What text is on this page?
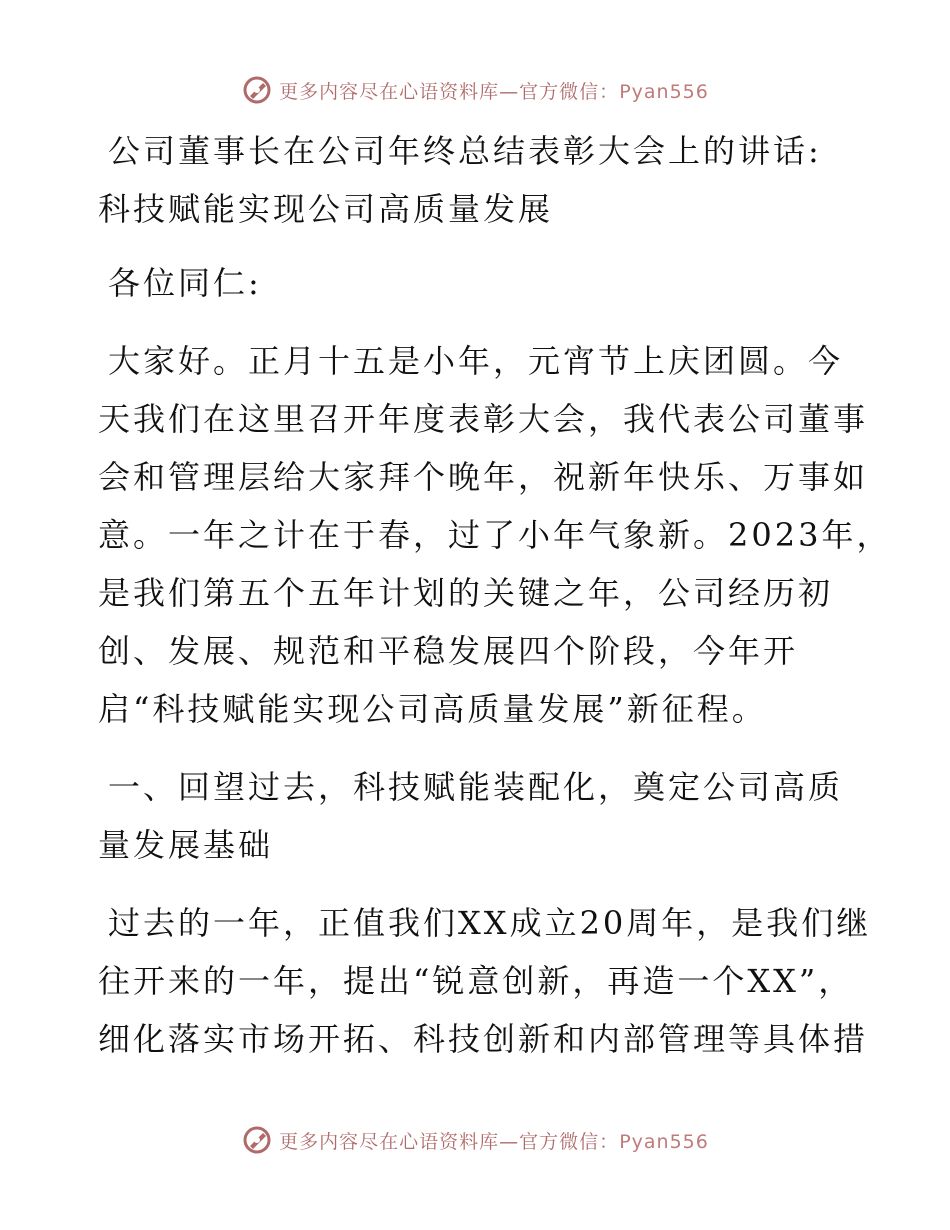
更多内容尽在心语资料库—官方微信：Pyan556
公司董事长在公司年终总结表彰大会上的讲话:
科技赋能实现公司高质量发展
各位同仁:
大家好。正月十五是小年，元宵节上庆团圆。今
天我们在这里召开年度表彰大会，我代表公司董事
会和管理层给大家拜个晚年，祝新年快乐、万事如
意。一年之计在于春，过了小年气象新。2023年，
是我们第五个五年计划的关键之年，公司经历初
创、发展、规范和平稳发展四个阶段，今年开
启“科技赋能实现公司高质量发展”新征程。
一、回望过去，科技赋能装配化，奠定公司高质
量发展基础
过去的一年，正值我们XX成立20周年，是我们继
往开来的一年，提出“锐意创新，再造一个XX”，
细化落实市场开拓、科技创新和内部管理等具体措
更多内容尽在心语资料库—官方微信：Pyan556
